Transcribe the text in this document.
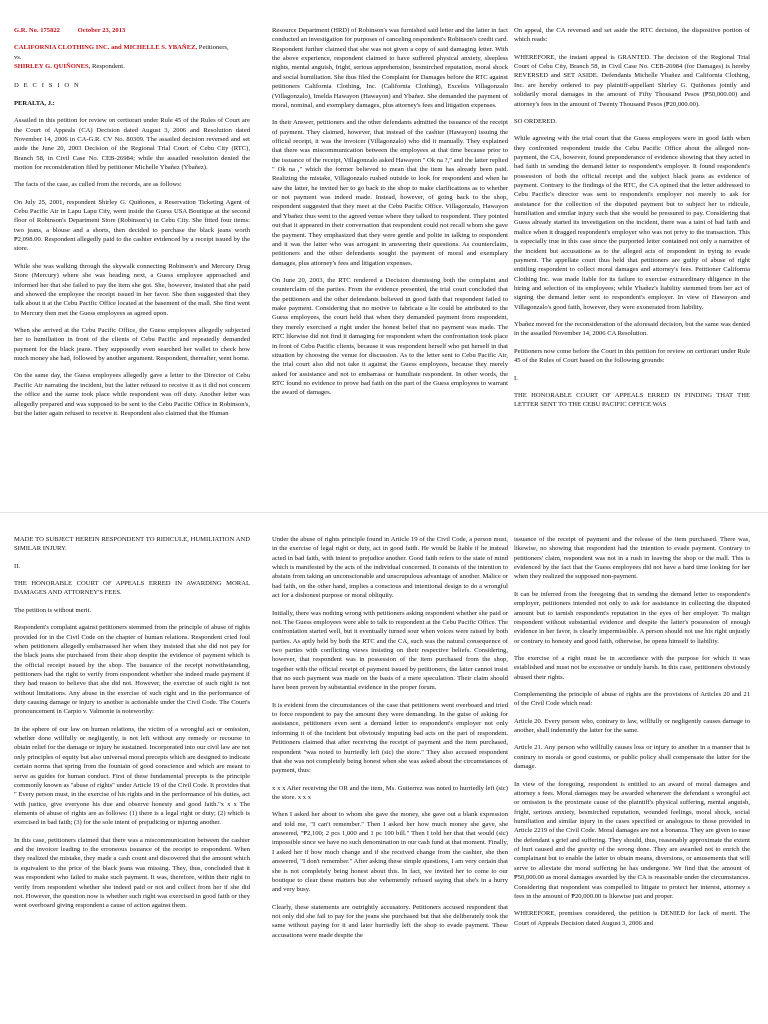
G.R. No. 175822	October 23, 2013

CALIFORNIA CLOTHING INC. and MICHELLE S. YBAÑEZ, Petitioners,
vs.
SHIRLEY G. QUIÑONES, Respondent.

D E C I S I O N

PERALTA, J.:

Assailed in this petition for review on certiorari under Rule 45 of the Rules of Court are the Court of Appeals (CA) Decision dated August 3, 2006 and Resolution dated November 14, 2006 in CA-G.R. CV No. 80309. The assailed decision reversed and set aside the June 20, 2003 Decision of the Regional Trial Court of Cebu City (RTC), Branch 58, in Civil Case No. CEB-26984; while the assailed resolution denied the motion for reconsideration filed by petitioner Michelle Ybañez (Ybañez).

The facts of the case, as culled from the records, are as follows:

On July 25, 2001, respondent Shirley G. Quiñones, a Reservation Ticketing Agent of Cebu Pacific Air in Lapu Lapu City, went inside the Guess USA Boutique at the second floor of Robinson's Department Store (Robinson's) in Cebu City. She fitted four items: two jeans, a blouse and a shorts, then decided to purchase the black jeans worth ₱2,098.00. Respondent allegedly paid to the cashier evidenced by a receipt issued by the store.

While she was walking through the skywalk connecting Robinson's and Mercury Drug Store (Mercury) where she was heading next, a Guess employee approached and informed her that she failed to pay the item she got. She, however, insisted that she paid and showed the employee the receipt issued in her favor. She then suggested that they talk about it at the Cebu Pacific Office located at the basement of the mall. She first went to Mercury then met the Guess employees as agreed upon.

When she arrived at the Cebu Pacific Office, the Guess employees allegedly subjected her to humiliation in front of the clients of Cebu Pacific and repeatedly demanded payment for the black jeans. They supposedly even searched her wallet to check how much money she had, followed by another argument. Respondent, thereafter, went home.

On the same day, the Guess employees allegedly gave a letter to the Director of Cebu Pacific Air narrating the incident, but the latter refused to receive it as it did not concern the office and the same took place while respondent was off duty. Another letter was allegedly prepared and was supposed to be sent to the Cebu Pacific Office in Robinson's, but the latter again refused to receive it. Respondent also claimed that the Human

Resource Department (HRD) of Robinson's was furnished said letter and the latter in fact conducted an investigation for purposes of canceling respondent's Robinson's credit card. Respondent further claimed that she was not given a copy of said damaging letter. With the above experience, respondent claimed to have suffered physical anxiety, sleepless nights, mental anguish, fright, serious apprehension, besmirched reputation, moral shock and social humiliation. She thus filed the Complaint for Damages before the RTC against petitioners California Clothing, Inc. (California Clothing), Excelsis Villagonzalo (Villagonzalo), Imelda Hawayon (Hawayon) and Ybañez. She demanded the payment of moral, nominal, and exemplary damages, plus attorney's fees and litigation expenses.

In their Answer, petitioners and the other defendants admitted the issuance of the receipt of payment. They claimed, however, that instead of the cashier (Hawayon) issuing the official receipt, it was the invoicer (Villagonzalo) who did it manually. They explained that there was miscommunication between the employees at that time because prior to the issuance of the receipt, Villagonzalo asked Hawayon " Ok na ?," and the latter replied " Ok na ," which the former believed to mean that the item has already been paid. Realizing the mistake, Villagonzalo rushed outside to look for respondent and when he saw the latter, he invited her to go back to the shop to make clarifications as to whether or not payment was indeed made. Instead, however, of going back to the shop, respondent suggested that they meet at the Cebu Pacific Office. Villagonzalo, Hawayon and Ybañez thus went to the agreed venue where they talked to respondent. They pointed out that it appeared in their conversation that respondent could not recall whom she gave the payment. They emphasized that they were gentle and polite in talking to respondent and it was the latter who was arrogant in answering their questions. As counterclaim, petitioners and the other defendants sought the payment of moral and exemplary damages, plus attorney's fees and litigation expenses.

On June 20, 2003, the RTC rendered a Decision dismissing both the complaint and counterclaim of the parties. From the evidence presented, the trial court concluded that the petitioners and the other defendants believed in good faith that respondent failed to make payment. Considering that no motive to fabricate a lie could be attributed to the Guess employees, the court held that when they demanded payment from respondent, they merely exercised a right under the honest belief that no payment was made. The RTC likewise did not find it damaging for respondent when the confrontation took place in front of Cebu Pacific clients, because it was respondent herself who put herself in that situation by choosing the venue for discussion. As to the letter sent to Cebu Pacific Air, the trial court also did not take it against the Guess employees, because they merely asked for assistance and not to embarrass or humiliate respondent. In other words, the RTC found no evidence to prove bad faith on the part of the Guess employees to warrant the award of damages.

On appeal, the CA reversed and set aside the RTC decision, the dispositive portion of which reads:

WHEREFORE, the instant appeal is GRANTED. The decision of the Regional Trial Court of Cebu City, Branch 58, in Civil Case No. CEB-26984 (for Damages) is hereby REVERSED and SET ASIDE. Defendants Michelle Ybañez and California Clothing, Inc. are hereby ordered to pay plaintiff-appellant Shirley G. Quiñones jointly and solidarily moral damages in the amount of Fifty Thousand Pesos (₱50,000.00) and attorney's fees in the amount of Twenty Thousand Pesos (₱20,000.00).

SO ORDERED.

While agreeing with the trial court that the Guess employees were in good faith when they confronted respondent inside the Cebu Pacific Office about the alleged non-payment, the CA, however, found preponderance of evidence showing that they acted in bad faith in sending the demand letter to respondent's employer. It found respondent's possession of both the official receipt and the subject black jeans as evidence of payment. Contrary to the findings of the RTC, the CA opined that the letter addressed to Cebu Pacific's director was sent to respondent's employer not merely to ask for assistance for the collection of the disputed payment but to subject her to ridicule, humiliation and similar injury such that she would be pressured to pay. Considering that Guess already started its investigation on the incident, there was a taint of bad faith and malice when it dragged respondent's employer who was not privy to the transaction. This is especially true in this case since the purported letter contained not only a narrative of the incident but accusations as to the alleged acts of respondent in trying to evade payment. The appellate court thus held that petitioners are guilty of abuse of right entitling respondent to collect moral damages and attorney's fees. Petitioner California Clothing Inc. was made liable for its failure to exercise extraordinary diligence in the hiring and selection of its employees; while Ybañez's liability stemmed from her act of signing the demand letter sent to respondent's employer. In view of Hawayon and Villagonzalo's good faith, however, they were exonerated from liability.

Ybañez moved for the reconsideration of the aforesaid decision, but the same was denied in the assailed November 14, 2006 CA Resolution.

Petitioners now come before the Court in this petition for review on certiorari under Rule 45 of the Rules of Court based on the following grounds:

I.

THE HONORABLE COURT OF APPEALS ERRED IN FINDING THAT THE LETTER SENT TO THE CEBU PACIFIC OFFICE WAS

MADE TO SUBJECT HEREIN RESPONDENT TO RIDICULE, HUMILIATION AND SIMILAR INJURY.

II.

THE HONORABLE COURT OF APPEALS ERRED IN AWARDING MORAL DAMAGES AND ATTORNEY'S FEES.

The petition is without merit.

Respondent's complaint against petitioners stemmed from the principle of abuse of rights provided for in the Civil Code on the chapter of human relations. Respondent cried foul when petitioners allegedly embarrassed her when they insisted that she did not pay for the black jeans she purchased from their shop despite the evidence of payment which is the official receipt issued by the shop. The issuance of the receipt notwithstanding, petitioners had the right to verify from respondent whether she indeed made payment if they had reason to believe that she did not. However, the exercise of such right is not without limitations. Any abuse in the exercise of such right and in the performance of duty causing damage or injury to another is actionable under the Civil Code. The Court's pronouncement in Carpio v. Valmonte is noteworthy:

In the sphere of our law on human relations, the victim of a wrongful act or omission, whether done willfully or negligently, is not left without any remedy or recourse to obtain relief for the damage or injury he sustained. Incorporated into our civil law are not only principles of equity but also universal moral precepts which are designed to indicate certain norms that spring from the fountain of good conscience and which are meant to serve as guides for human conduct. First of these fundamental precepts is the principle commonly known as "abuse of rights" under Article 19 of the Civil Code. It provides that " Every person must, in the exercise of his rights and in the performance of his duties, act with justice, give everyone his due and observe honesty and good faith."x x x The elements of abuse of rights are as follows: (1) there is a legal right or duty; (2) which is exercised in bad faith; (3) for the sole intent of prejudicing or injuring another.

In this case, petitioners claimed that there was a miscommunication between the cashier and the invoicer leading to the erroneous issuance of the receipt to respondent. When they realized the mistake, they made a cash count and discovered that the amount which is equivalent to the price of the black jeans was missing. They, thus, concluded that it was respondent who failed to make such payment. It was, therefore, within their right to verify from respondent whether she indeed paid or not and collect from her if she did not. However, the question now is whether such right was exercised in good faith or they went overboard giving respondent a cause of action against them.

Under the abuse of rights principle found in Article 19 of the Civil Code, a person must, in the exercise of legal right or duty, act in good faith. He would be liable if he instead acted in bad faith, with intent to prejudice another. Good faith refers to the state of mind which is manifested by the acts of the individual concerned. It consists of the intention to abstain from taking an unconscionable and unscrupulous advantage of another. Malice or bad faith, on the other hand, implies a conscious and intentional design to do a wrongful act for a dishonest purpose or moral obliquity.

Initially, there was nothing wrong with petitioners asking respondent whether she paid or not. The Guess employees were able to talk to respondent at the Cebu Pacific Office. The confrontation started well, but it eventually turned sour when voices were raised by both parties. As aptly held by both the RTC and the CA, such was the natural consequence of two parties with conflicting views insisting on their respective beliefs. Considering, however, that respondent was in possession of the item purchased from the shop, together with the official receipt of payment issued by petitioners, the latter cannot insist that no such payment was made on the basis of a mere speculation. Their claim should have been proven by substantial evidence in the proper forum.

It is evident from the circumstances of the case that petitioners went overboard and tried to force respondent to pay the amount they were demanding. In the guise of asking for assistance, petitioners even sent a demand letter to respondent's employer not only informing it of the incident but obviously imputing bad acts on the part of respondent. Petitioners claimed that after receiving the receipt of payment and the item purchased, respondent "was noted to hurriedly left (sic) the store." They also accused respondent that she was not completely being honest when she was asked about the circumstances of payment, thus:

x x x After receiving the OR and the item, Ms. Gutierrez was noted to hurriedly left (sic) the store. x x x

When I asked her about to whom she gave the money, she gave out a blank expression and told me, "I can't remember." Then I asked her how much money she gave, she answered, "₱2,100; 2 pcs 1,000 and 1 pc 100 bill." Then I told her that that would (sic) impossible since we have no such denomination in our cash fund at that moment. Finally, I asked her if how much change and if she received change from the cashier, she then answered, "I don't remember." After asking these simple questions, I am very certain that she is not completely being honest about this. In fact, we invited her to come to our boutique to clear these matters but she vehemently refused saying that she's in a hurry and very busy.

Clearly, these statements are outrightly accusatory. Petitioners accused respondent that not only did she fail to pay for the jeans she purchased but that she deliberately took the same without paying for it and later hurriedly left the shop to evade payment. These accusations were made despite the

issuance of the receipt of payment and the release of the item purchased. There was, likewise, no showing that respondent had the intention to evade payment. Contrary to petitioners' claim, respondent was not in a rush in leaving the shop or the mall. This is evidenced by the fact that the Guess employees did not have a hard time looking for her when they realized the supposed non-payment.

It can be inferred from the foregoing that in sending the demand letter to respondent's employer, petitioners intended not only to ask for assistance in collecting the disputed amount but to tarnish respondent's reputation in the eyes of her employer. To malign respondent without substantial evidence and despite the latter's possession of enough evidence in her favor, is clearly impermissible. A person should not use his right unjustly or contrary to honesty and good faith, otherwise, he opens himself to liability.

The exercise of a right must be in accordance with the purpose for which it was established and must not be excessive or unduly harsh. In this case, petitioners obviously abused their rights.

Complementing the principle of abuse of rights are the provisions of Articles 20 and 21 of the Civil Code which read:

Article 20. Every person who, contrary to law, willfully or negligently causes damage to another, shall indemnify the latter for the same.

Article 21. Any person who willfully causes loss or injury to another in a manner that is contrary to morals or good customs, or public policy shall compensate the latter for the damage.

In view of the foregoing, respondent is entitled to an award of moral damages and attorney s fees. Moral damages may be awarded whenever the defendant s wrongful act or omission is the proximate cause of the plaintiff's physical suffering, mental anguish, fright, serious anxiety, besmirched reputation, wounded feelings, moral shock, social humiliation and similar injury in the cases specified or analogous to those provided in Article 2219 of the Civil Code. Moral damages are not a bonanza. They are given to ease the defendant s grief and suffering. They should, thus, reasonably approximate the extent of hurt caused and the gravity of the wrong done. They are awarded not to enrich the complainant but to enable the latter to obtain means, diversions, or amusements that will serve to alleviate the moral suffering he has undergone. We find that the amount of ₱50,000.00 as moral damages awarded by the CA is reasonable under the circumstances. Considering that respondent was compelled to litigate to protect her interest, attorney s fees in the amount of ₱20,000.00 is likewise just and proper.

WHEREFORE, premises considered, the petition is DENIED for lack of merit. The Court of Appeals Decision dated August 3, 2006 and
